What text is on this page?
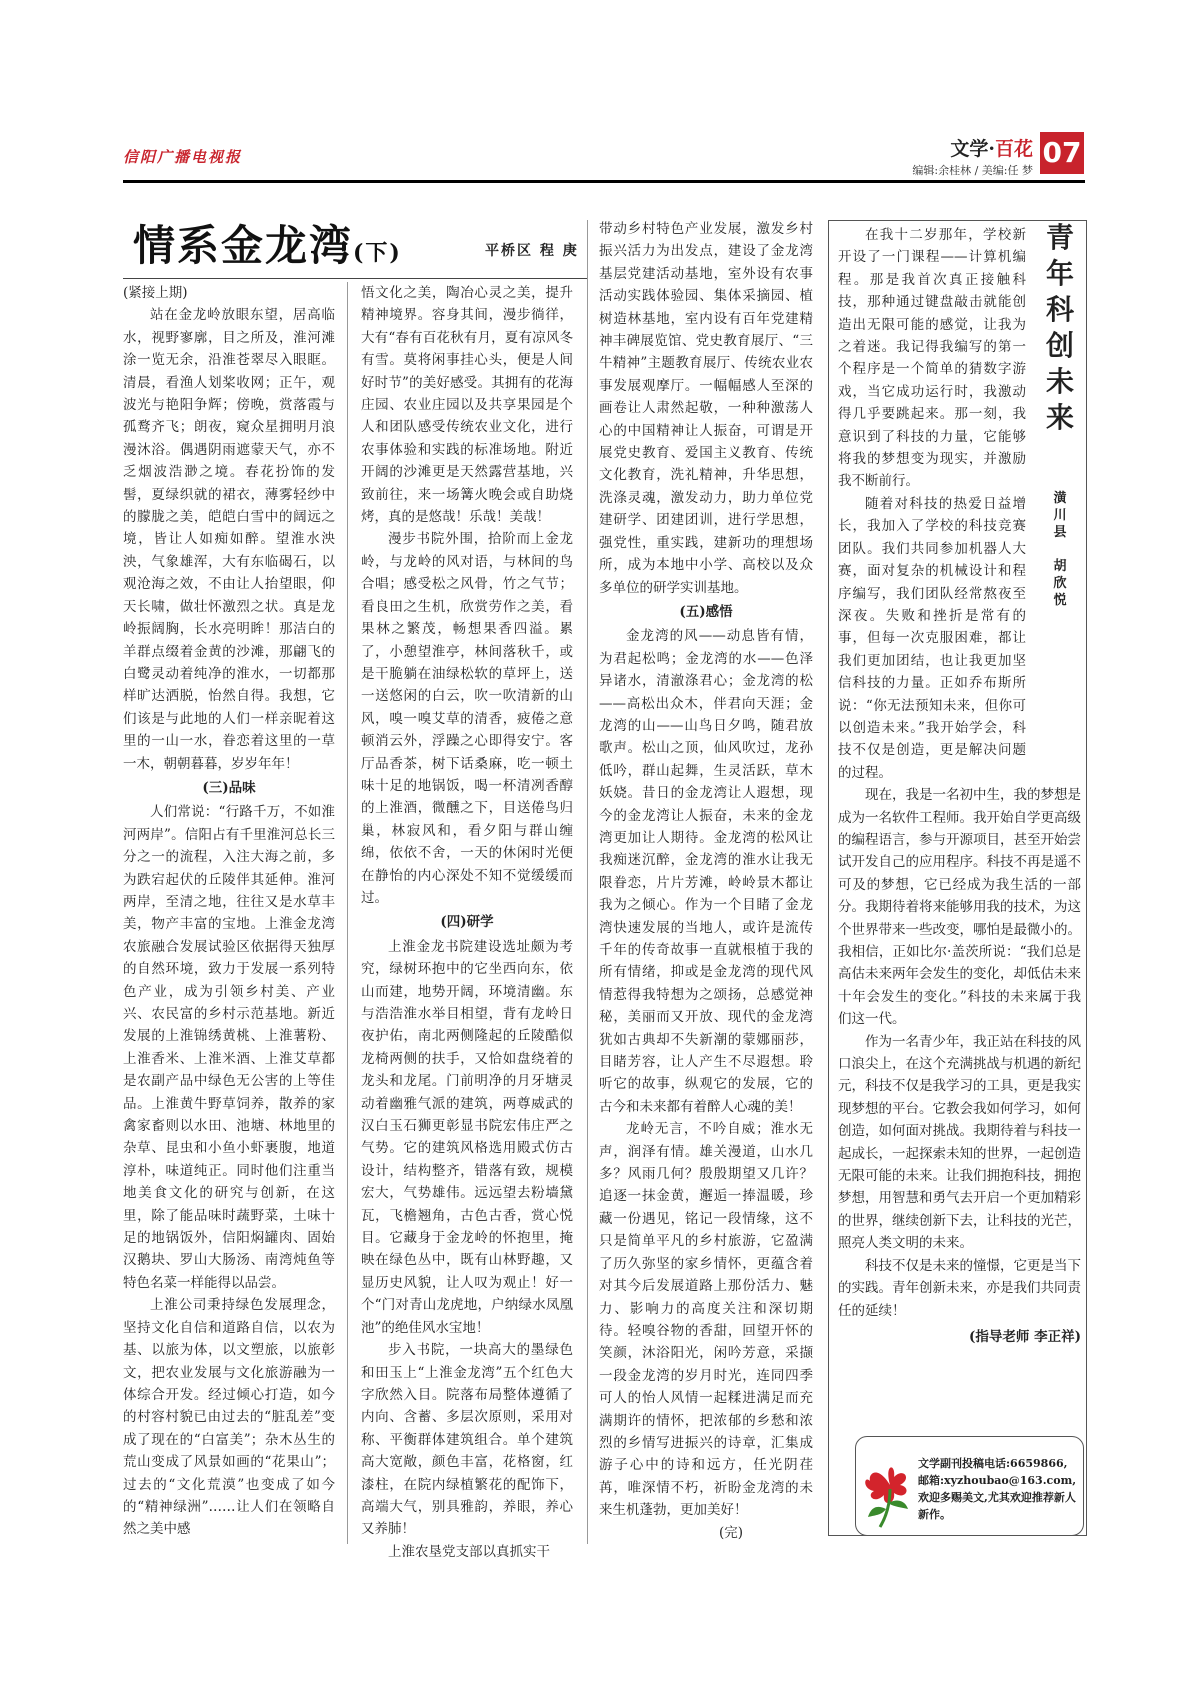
信阳广播电视报	文学·百花
编辑:余桂林 / 美编:任 梦
07
情系金龙湾(下)	平桥区 程 庚

(紧接上期)

站在金龙岭放眼东望，居高临水，视野寥廓，目之所及，淮河滩涂一览无余，沿淮苍翠尽入眼眶。清晨，看渔人划桨收网；正午，观波光与艳阳争辉；傍晚，赏落霞与孤鹜齐飞；朗夜，窥众星拥明月浪漫沐浴。偶遇阴雨遮蒙天气，亦不乏烟波浩渺之境。春花扮饰的发髻，夏绿织就的裙衣，薄雾轻纱中的朦胧之美，皑皑白雪中的阔远之境，皆让人如痴如醉。望淮水泱泱，气象雄浑，大有东临碣石，以观沧海之效，不由让人抬望眼，仰天长啸，做壮怀激烈之状。真是龙岭振阔胸，长水亮明眸！那洁白的羊群点缀着金黄的沙滩，那翩飞的白鹭灵动着纯净的淮水，一切都那样旷达洒脱，怡然自得。我想，它们该是与此地的人们一样亲昵着这里的一山一水，眷恋着这里的一草一木，朝朝暮暮，岁岁年年！

(三)品味

人们常说：“行路千万，不如淮河两岸”。信阳占有千里淮河总长三分之一的流程，入注大海之前，多为跌宕起伏的丘陵伴其延伸。淮河两岸，至清之地，往往又是水草丰美，物产丰富的宝地。上淮金龙湾农旅融合发展试验区依据得天独厚的自然环境，致力于发展一系列特色产业，成为引领乡村美、产业兴、农民富的乡村示范基地。新近发展的上淮锦绣黄桃、上淮薯粉、上淮香米、上淮米酒、上淮艾草都是农副产品中绿色无公害的上等佳品。上淮黄牛野草饲养，散养的家禽家畜则以水田、池塘、林地里的杂草、昆虫和小鱼小虾裹腹，地道淳朴，味道纯正。同时他们注重当地美食文化的研究与创新，在这里，除了能品味时蔬野菜，土味十足的地锅饭外，信阳焖罐肉、固始汉鹅块、罗山大肠汤、南湾炖鱼等特色名菜一样能得以品尝。

上淮公司秉持绿色发展理念，坚持文化自信和道路自信，以农为基、以旅为体，以文塑旅，以旅彰文，把农业发展与文化旅游融为一体综合开发。经过倾心打造，如今的村容村貌已由过去的“脏乱差”变成了现在的“白富美”；杂木丛生的荒山变成了风景如画的“花果山”；过去的“文化荒漠”也变成了如今的“精神绿洲”……让人们在领略自然之美中感

悟文化之美，陶冶心灵之美，提升精神境界。容身其间，漫步徜徉，大有“春有百花秋有月，夏有凉风冬有雪。莫将闲事挂心头，便是人间好时节”的美好感受。其拥有的花海庄园、农业庄园以及共享果园是个人和团队感受传统农业文化，进行农事体验和实践的标准场地。附近开阔的沙滩更是天然露营基地，兴致前往，来一场篝火晚会或自助烧烤，真的是悠哉！乐哉！美哉！

漫步书院外围，拾阶而上金龙岭，与龙岭的风对语，与林间的鸟合唱；感受松之风骨，竹之气节；看良田之生机，欣赏劳作之美，看果林之繁茂，畅想果香四溢。累了，小憩望淮亭，林间落秋千，或是干脆躺在油绿松软的草坪上，送一送悠闲的白云，吹一吹清新的山风，嗅一嗅艾草的清香，疲倦之意顿消云外，浮躁之心即得安宁。客厅品香茶，树下话桑麻，吃一顿土味十足的地锅饭，喝一杯清冽香醇的上淮酒，微醺之下，目送倦鸟归巢，林寂风和，看夕阳与群山缠绵，依依不舍，一天的休闲时光便在静怡的内心深处不知不觉缓缓而过。

(四)研学

上淮金龙书院建设选址颇为考究，绿树环抱中的它坐西向东，依山而建，地势开阔，环境清幽。东与浩浩淮水举目相望，背有龙岭日夜护佑，南北两侧隆起的丘陵酷似龙椅两侧的扶手，又恰如盘绕着的龙头和龙尾。门前明净的月牙塘灵动着幽雅气派的建筑，两尊威武的汉白玉石狮更彰显书院宏伟庄严之气势。它的建筑风格选用殿式仿古设计，结构整齐，错落有致，规模宏大，气势雄伟。远远望去粉墙黛瓦，飞檐翘角，古色古香，赏心悦目。它藏身于金龙岭的怀抱里，掩映在绿色丛中，既有山林野趣，又显历史风貌，让人叹为观止！好一个“门对青山龙虎地，户纳绿水凤凰池”的绝佳风水宝地！

步入书院，一块高大的墨绿色和田玉上“上淮金龙湾”五个红色大字欣然入目。院落布局整体遵循了内向、含蓄、多层次原则，采用对称、平衡群体建筑组合。单个建筑高大宽敞，颜色丰富，花格窗，红漆柱，在院内绿植繁花的配饰下，高端大气，别具雅韵，养眼，养心又养肺！

上淮农垦党支部以真抓实干

带动乡村特色产业发展，激发乡村振兴活力为出发点，建设了金龙湾基层党建活动基地，室外设有农事活动实践体验园、集体采摘园、植树造林基地，室内设有百年党建精神丰碑展览馆、党史教育展厅、“三牛精神”主题教育展厅、传统农业农事发展观摩厅。一幅幅感人至深的画卷让人肃然起敬，一种种激荡人心的中国精神让人振奋，可谓是开展党史教育、爱国主义教育、传统文化教育，洗礼精神，升华思想，洗涤灵魂，激发动力，助力单位党建研学、团建团训，进行学思想，强党性，重实践，建新功的理想场所，成为本地中小学、高校以及众多单位的研学实训基地。

(五)感悟

金龙湾的风——动息皆有情，为君起松鸣；金龙湾的水——色泽异诸水，清澈涤君心；金龙湾的松——高松出众木，伴君向天涯；金龙湾的山——山鸟日夕鸣，随君放歌声。松山之顶，仙风吹过，龙孙低吟，群山起舞，生灵活跃，草木妖娆。昔日的金龙湾让人遐想，现今的金龙湾让人振奋，未来的金龙湾更加让人期待。金龙湾的松风让我痴迷沉醉，金龙湾的淮水让我无限眷恋，片片芳滩，岭岭景木都让我为之倾心。作为一个目睹了金龙湾快速发展的当地人，或许是流传千年的传奇故事一直就根植于我的所有情绪，抑或是金龙湾的现代风情惹得我特想为之颂扬，总感觉神秘，美丽而又开放、现代的金龙湾犹如古典却不失新潮的蒙娜丽莎，目睹芳容，让人产生不尽遐想。聆听它的故事，纵观它的发展，它的古今和未来都有着醉人心魂的美！

龙岭无言，不吟自威；淮水无声，润泽有情。雄关漫道，山水几多？风雨几何？殷殷期望又几许？追逐一抹金黄，邂逅一捧温暖，珍藏一份遇见，铭记一段情缘，这不只是简单平凡的乡村旅游，它盈满了历久弥坚的家乡情怀，更蕴含着对其今后发展道路上那份活力、魅力、影响力的高度关注和深切期待。轻嗅谷物的香甜，回望开怀的笑颜，沐浴阳光，闲吟芳意，采撷一段金龙湾的岁月时光，连同四季可人的怡人风情一起糅进满足而充满期许的情怀，把浓郁的乡愁和浓烈的乡情写进振兴的诗章，汇集成游子心中的诗和远方，任光阴荏苒，唯深情不朽，祈盼金龙湾的未来生机蓬勃，更加美好！

(完)

青
年
科
创
未
来
潢
川
县

胡
欣
悦

在我十二岁那年，学校新开设了一门课程——计算机编程。那是我首次真正接触科技，那种通过键盘敲击就能创造出无限可能的感觉，让我为之着迷。我记得我编写的第一个程序是一个简单的猜数字游戏，当它成功运行时，我激动得几乎要跳起来。那一刻，我意识到了科技的力量，它能够将我的梦想变为现实，并激励我不断前行。

随着对科技的热爱日益增长，我加入了学校的科技竞赛团队。我们共同参加机器人大赛，面对复杂的机械设计和程序编写，我们团队经常熬夜至深夜。失败和挫折是常有的事，但每一次克服困难，都让我们更加团结，也让我更加坚信科技的力量。正如乔布斯所说：“你无法预知未来，但你可以创造未来。”我开始学会，科技不仅是创造，更是解决问题的过程。

现在，我是一名初中生，我的梦想是成为一名软件工程师。我开始自学更高级的编程语言，参与开源项目，甚至开始尝试开发自己的应用程序。科技不再是遥不可及的梦想，它已经成为我生活的一部分。我期待着将来能够用我的技术，为这个世界带来一些改变，哪怕是最微小的。我相信，正如比尔·盖茨所说：“我们总是高估未来两年会发生的变化，却低估未来十年会发生的变化。”科技的未来属于我们这一代。

作为一名青少年，我正站在科技的风口浪尖上，在这个充满挑战与机遇的新纪元，科技不仅是我学习的工具，更是我实现梦想的平台。它教会我如何学习，如何创造，如何面对挑战。我期待着与科技一起成长，一起探索未知的世界，一起创造无限可能的未来。让我们拥抱科技，拥抱梦想，用智慧和勇气去开启一个更加精彩的世界，继续创新下去，让科技的光芒，照亮人类文明的未来。

科技不仅是未来的憧憬，它更是当下的实践。青年创新未来，亦是我们共同责任的延续！

(指导老师 李正祥)
文学副刊投稿电话:6659866,邮箱:xyzhoubao@163.com,欢迎多赐美文,尤其欢迎推荐新人新作。
